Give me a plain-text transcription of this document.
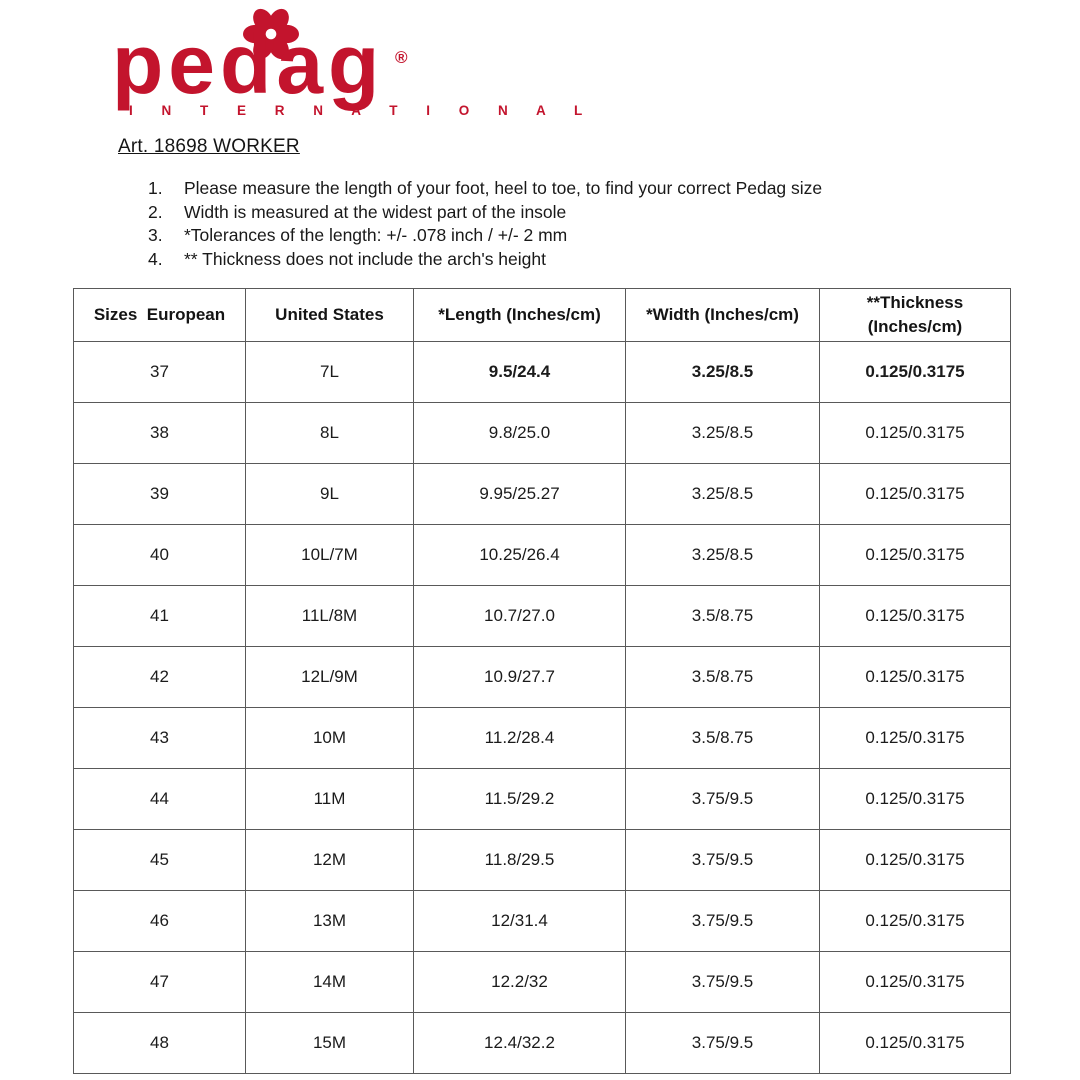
pedag ®
I N T E R N A T I O N A L
Art. 18698 WORKER
1.	Please measure the length of your foot, heel to toe, to find your correct Pedag size
2.	Width is measured at the widest part of the insole
3.	*Tolerances of the length: +/- .078 inch / +/- 2 mm
4.	** Thickness does not include the arch's height
Sizes  European	United States	*Length (Inches/cm)	*Width (Inches/cm)	**Thickness (Inches/cm)
37	7L	9.5/24.4	3.25/8.5	0.125/0.3175
38	8L	9.8/25.0	3.25/8.5	0.125/0.3175
39	9L	9.95/25.27	3.25/8.5	0.125/0.3175
40	10L/7M	10.25/26.4	3.25/8.5	0.125/0.3175
41	11L/8M	10.7/27.0	3.5/8.75	0.125/0.3175
42	12L/9M	10.9/27.7	3.5/8.75	0.125/0.3175
43	10M	11.2/28.4	3.5/8.75	0.125/0.3175
44	11M	11.5/29.2	3.75/9.5	0.125/0.3175
45	12M	11.8/29.5	3.75/9.5	0.125/0.3175
46	13M	12/31.4	3.75/9.5	0.125/0.3175
47	14M	12.2/32	3.75/9.5	0.125/0.3175
48	15M	12.4/32.2	3.75/9.5	0.125/0.3175
